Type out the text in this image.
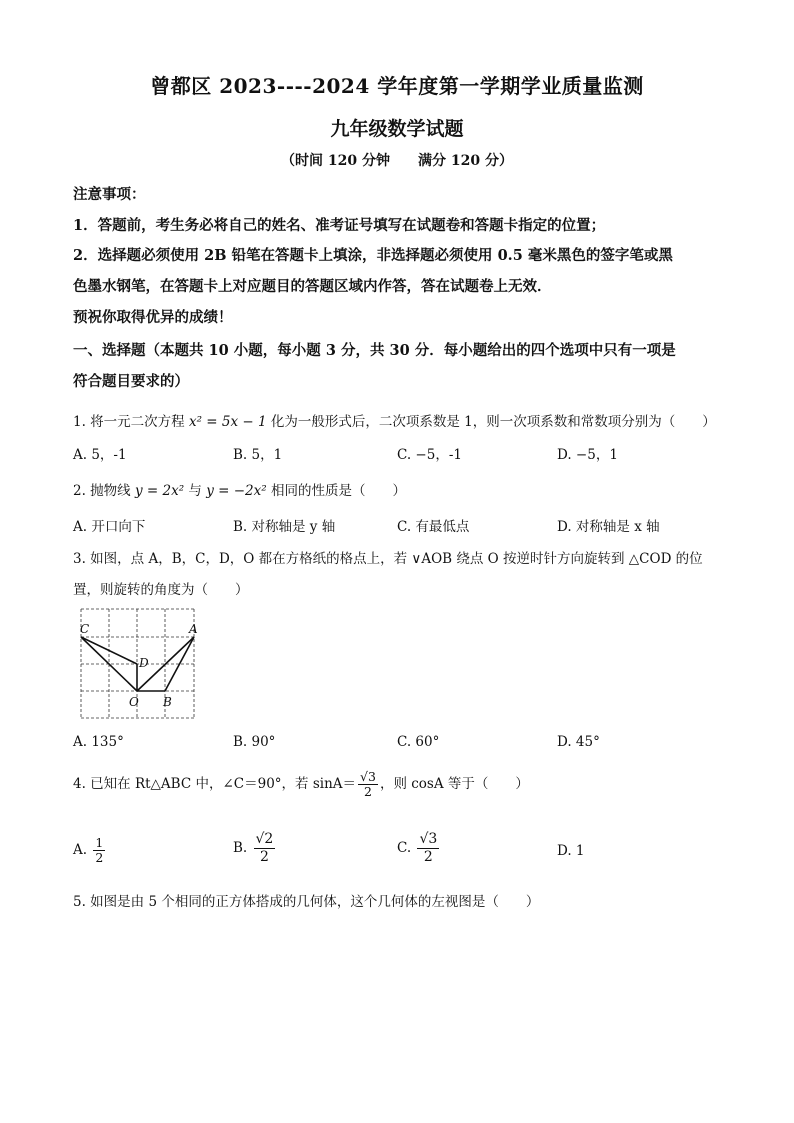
曾都区 2023----2024 学年度第一学期学业质量监测
九年级数学试题
（时间 120 分钟　　满分 120 分）
注意事项：
1．答题前，考生务必将自己的姓名、准考证号填写在试题卷和答题卡指定的位置；
2．选择题必须使用 2B 铅笔在答题卡上填涂，非选择题必须使用 0.5 毫米黑色的签字笔或黑
色墨水钢笔，在答题卡上对应题目的答题区域内作答，答在试题卷上无效．
预祝你取得优异的成绩！
一、选择题（本题共 10 小题，每小题 3 分，共 30 分．每小题给出的四个选项中只有一项是
符合题目要求的）
1. 将一元二次方程 x² = 5x − 1 化为一般形式后，二次项系数是 1，则一次项系数和常数项分别为（　　）
A. 5，-1	B. 5，1	C. −5，-1	D. −5，1
2. 抛物线 y = 2x² 与 y = −2x² 相同的性质是（　　）
A. 开口向下	B. 对称轴是 y 轴	C. 有最低点	D. 对称轴是 x 轴
3. 如图，点 A，B，C，D，O 都在方格纸的格点上，若 ∨AOB 绕点 O 按逆时针方向旋转到 △COD 的位
置，则旋转的角度为（　　）
C	A
D
O B
A. 135°	B. 90°	C. 60°	D. 45°
4. 已知在 Rt△ABC 中，∠C＝90°，若 $\sin A= \frac{√3}{2}$ ，则 cosA 等于（　　）
A. $\frac{1}{2}$	B. $\frac{√2}{2}$	C. $\frac{√3}{2}$	D. 1
5. 如图是由 5 个相同的正方体搭成的几何体，这个几何体的左视图是（　　）
